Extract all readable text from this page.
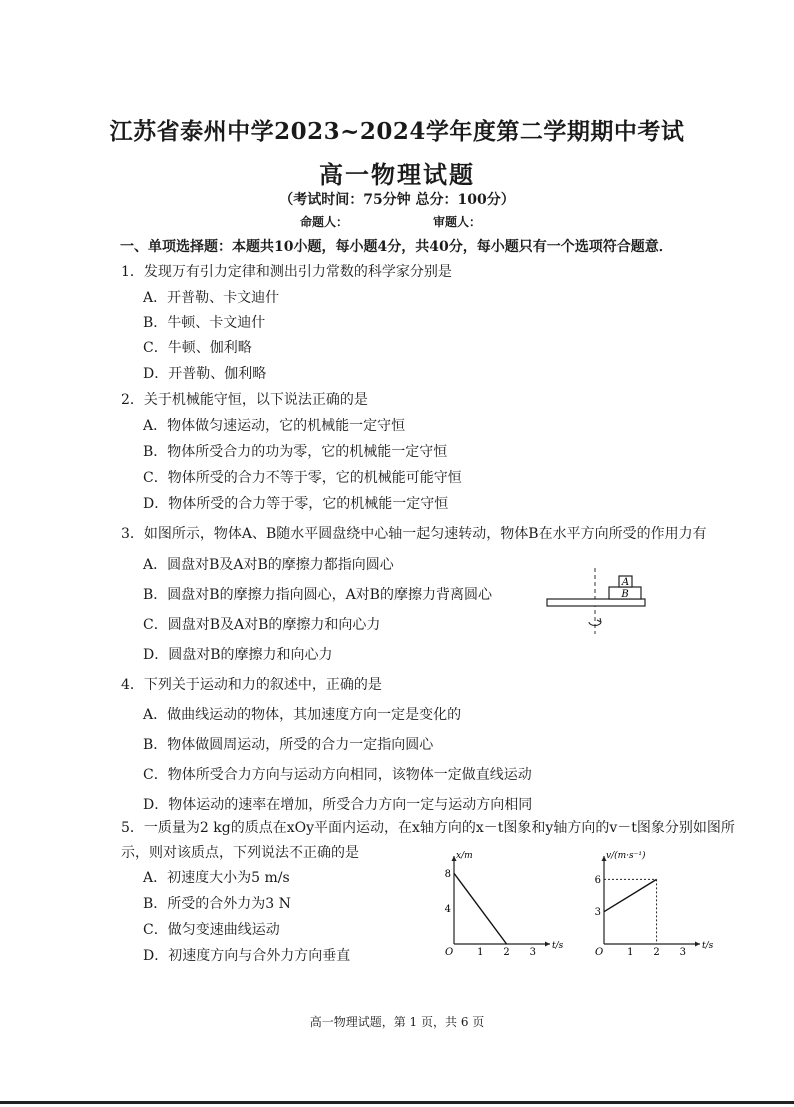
江苏省泰州中学2023~2024学年度第二学期期中考试
高一物理试题
（考试时间：75分钟 总分：100分）
命题人：	审题人：
一、单项选择题：本题共10小题，每小题4分，共40分，每小题只有一个选项符合题意．
1．发现万有引力定律和测出引力常数的科学家分别是
A．开普勒、卡文迪什
B．牛顿、卡文迪什
C．牛顿、伽利略
D．开普勒、伽利略
2．关于机械能守恒，以下说法正确的是
A．物体做匀速运动，它的机械能一定守恒
B．物体所受合力的功为零，它的机械能一定守恒
C．物体所受的合力不等于零，它的机械能可能守恒
D．物体所受的合力等于零，它的机械能一定守恒
3．如图所示，物体A、B随水平圆盘绕中心轴一起匀速转动，物体B在水平方向所受的作用力有
A．圆盘对B及A对B的摩擦力都指向圆心
B．圆盘对B的摩擦力指向圆心，A对B的摩擦力背离圆心
C．圆盘对B及A对B的摩擦力和向心力
D．圆盘对B的摩擦力和向心力
A
B
4．下列关于运动和力的叙述中，正确的是
A．做曲线运动的物体，其加速度方向一定是变化的
B．物体做圆周运动，所受的合力一定指向圆心
C．物体所受合力方向与运动方向相同，该物体一定做直线运动
D．物体运动的速率在增加，所受合力方向一定与运动方向相同
5．一质量为2 kg的质点在xOy平面内运动，在x轴方向的x－t图象和y轴方向的v－t图象分别如图所
示，则对该质点，下列说法不正确的是
A．初速度大小为5 m/s
B．所受的合外力为3 N
C．做匀变速曲线运动
D．初速度方向与合外力方向垂直
t/s
x/m
O 1 2 3
4
8
t/s
v/(m·s⁻¹)
O 1 2 3
3
6
高一物理试题，第 1 页，共 6 页
